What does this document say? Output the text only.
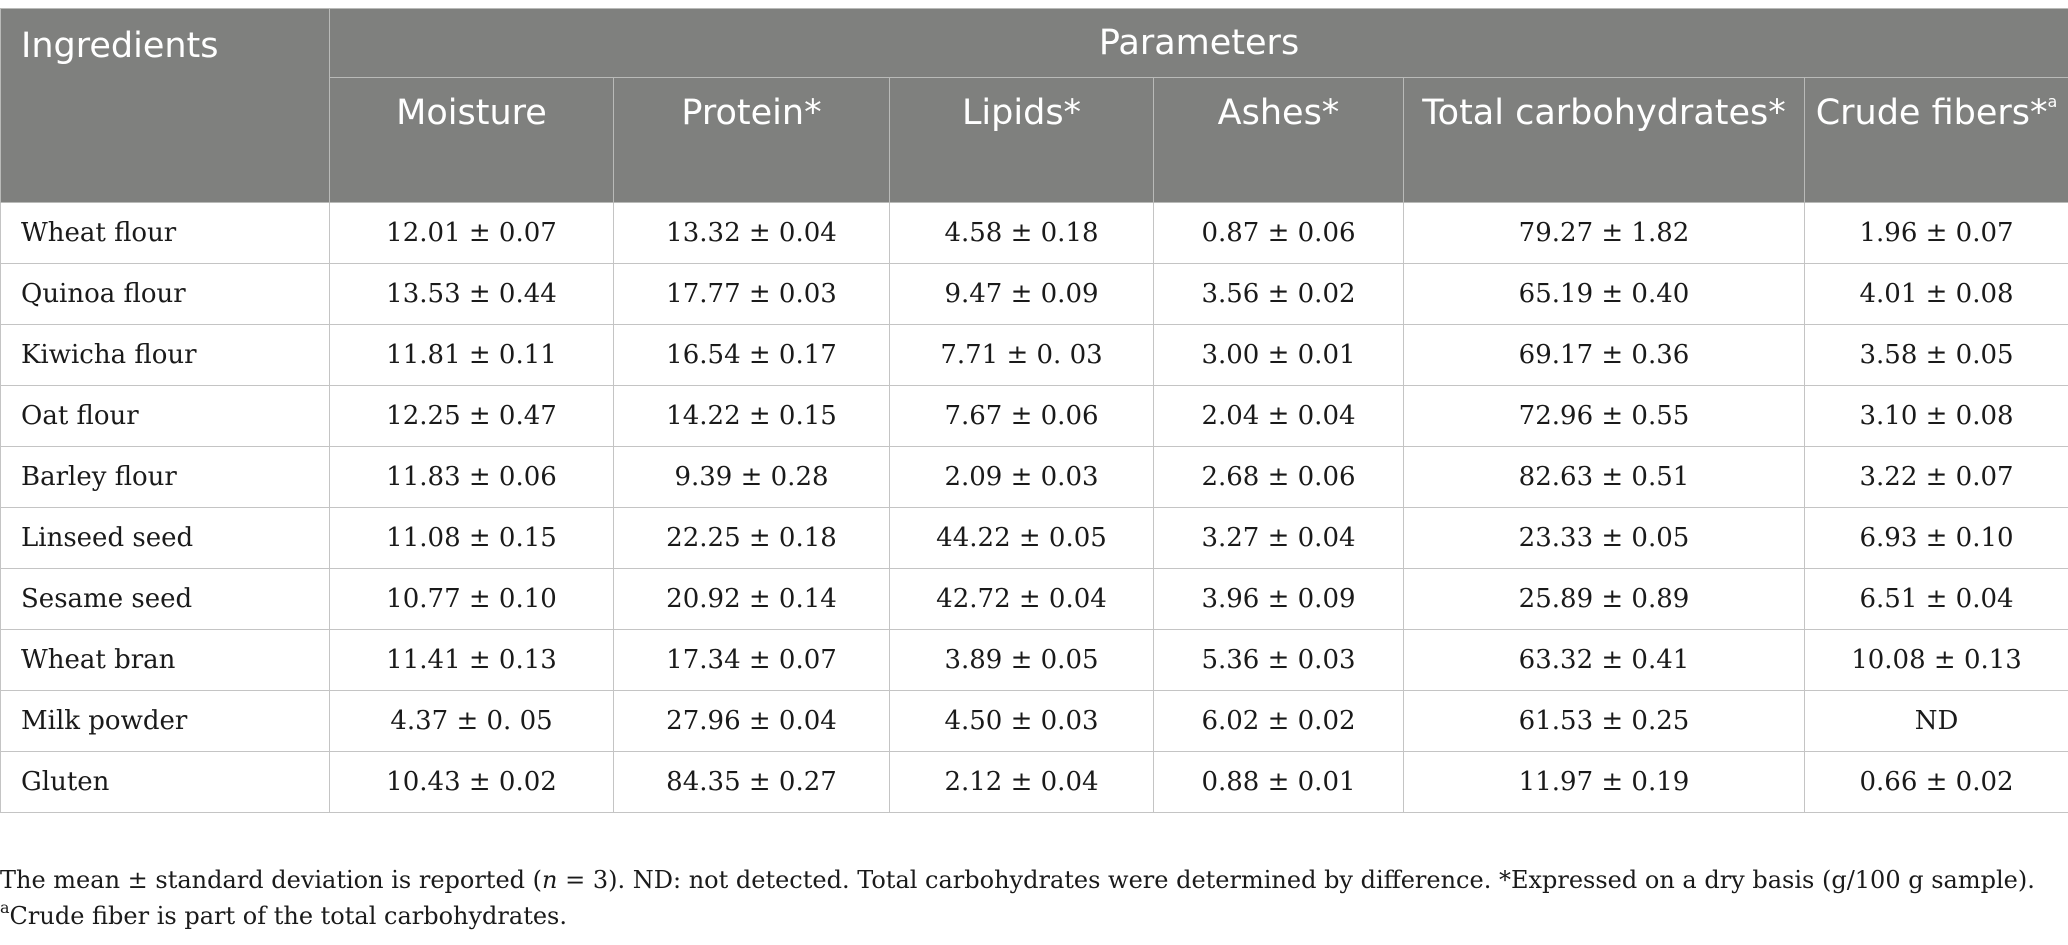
Ingredients	Parameters					
	Moisture	Protein*	Lipids*	Ashes*	Total carbohydrates*	Crude fibers*$^a$
Wheat flour	12.01 ± 0.07	13.32 ± 0.04	4.58 ± 0.18	0.87 ± 0.06	79.27 ± 1.82	1.96 ± 0.07
Quinoa flour	13.53 ± 0.44	17.77 ± 0.03	9.47 ± 0.09	3.56 ± 0.02	65.19 ± 0.40	4.01 ± 0.08
Kiwicha flour	11.81 ± 0.11	16.54 ± 0.17	7.71 ± 0. 03	3.00 ± 0.01	69.17 ± 0.36	3.58 ± 0.05
Oat flour	12.25 ± 0.47	14.22 ± 0.15	7.67 ± 0.06	2.04 ± 0.04	72.96 ± 0.55	3.10 ± 0.08
Barley flour	11.83 ± 0.06	9.39 ± 0.28	2.09 ± 0.03	2.68 ± 0.06	82.63 ± 0.51	3.22 ± 0.07
Linseed seed	11.08 ± 0.15	22.25 ± 0.18	44.22 ± 0.05	3.27 ± 0.04	23.33 ± 0.05	6.93 ± 0.10
Sesame seed	10.77 ± 0.10	20.92 ± 0.14	42.72 ± 0.04	3.96 ± 0.09	25.89 ± 0.89	6.51 ± 0.04
Wheat bran	11.41 ± 0.13	17.34 ± 0.07	3.89 ± 0.05	5.36 ± 0.03	63.32 ± 0.41	10.08 ± 0.13
Milk powder	4.37 ± 0. 05	27.96 ± 0.04	4.50 ± 0.03	6.02 ± 0.02	61.53 ± 0.25	ND
Gluten	10.43 ± 0.02	84.35 ± 0.27	2.12 ± 0.04	0.88 ± 0.01	11.97 ± 0.19	0.66 ± 0.02

The mean ± standard deviation is reported (n = 3). ND: not detected. Total carbohydrates were determined by difference. *Expressed on a dry basis (g/100 g sample).

$^a$Crude fiber is part of the total carbohydrates.
